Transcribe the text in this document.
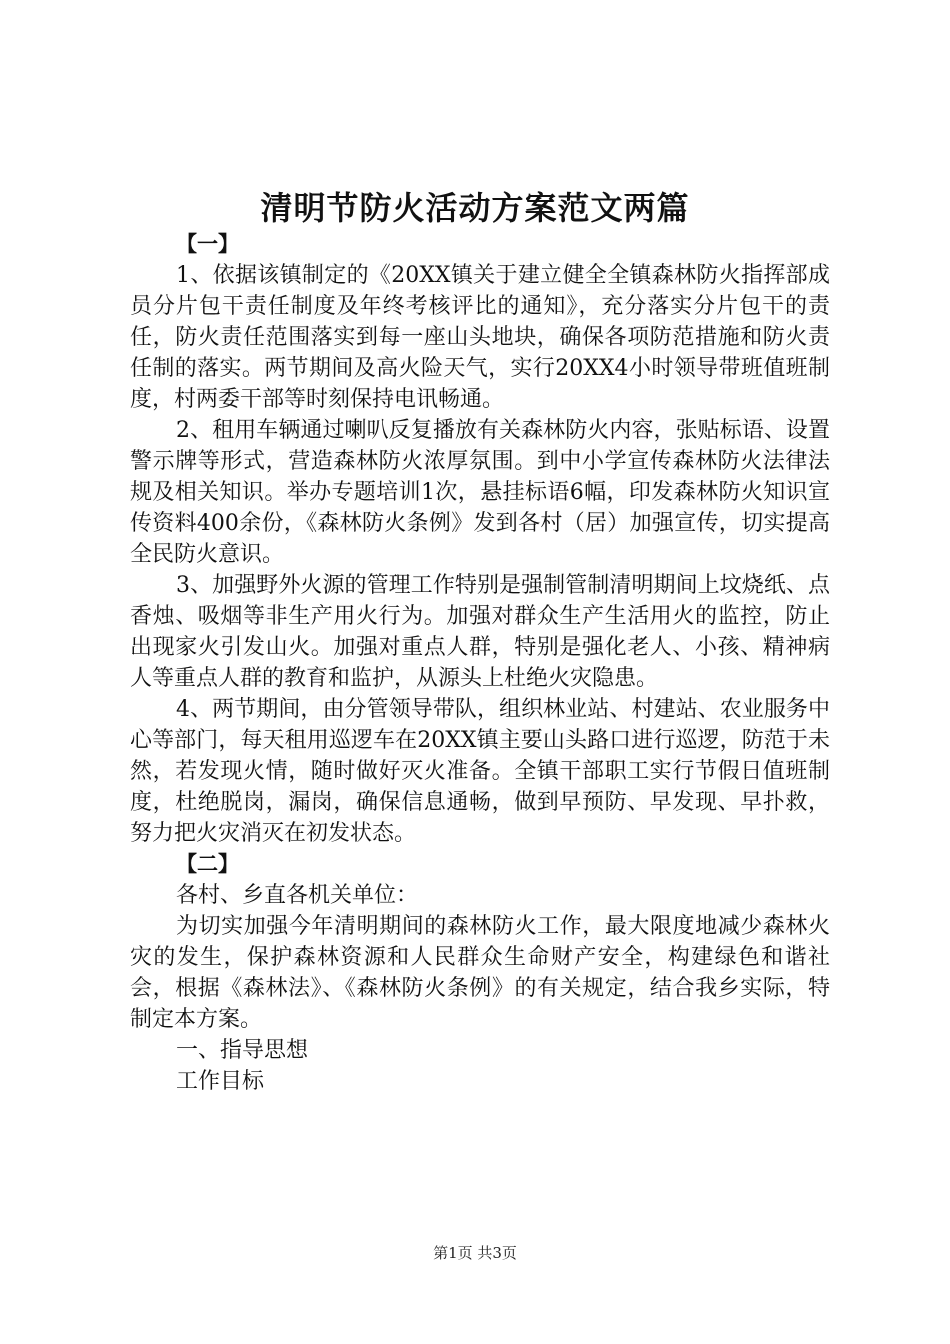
清明节防火活动方案范文两篇

【一】

1、依据该镇制定的《20XX镇关于建立健全全镇森林防火指挥部成员分片包干责任制度及年终考核评比的通知》，充分落实分片包干的责任，防火责任范围落实到每一座山头地块，确保各项防范措施和防火责任制的落实。两节期间及高火险天气，实行20XX4小时领导带班值班制度，村两委干部等时刻保持电讯畅通。

2、租用车辆通过喇叭反复播放有关森林防火内容，张贴标语、设置警示牌等形式，营造森林防火浓厚氛围。到中小学宣传森林防火法律法规及相关知识。举办专题培训1次，悬挂标语6幅，印发森林防火知识宣传资料400余份，《森林防火条例》发到各村（居）加强宣传，切实提高全民防火意识。

3、加强野外火源的管理工作特别是强制管制清明期间上坟烧纸、点香烛、吸烟等非生产用火行为。加强对群众生产生活用火的监控，防止出现家火引发山火。加强对重点人群，特别是强化老人、小孩、精神病人等重点人群的教育和监护，从源头上杜绝火灾隐患。

4、两节期间，由分管领导带队，组织林业站、村建站、农业服务中心等部门，每天租用巡逻车在20XX镇主要山头路口进行巡逻，防范于未然，若发现火情，随时做好灭火准备。全镇干部职工实行节假日值班制度，杜绝脱岗，漏岗，确保信息通畅，做到早预防、早发现、早扑救，努力把火灾消灭在初发状态。

【二】

各村、乡直各机关单位：

为切实加强今年清明期间的森林防火工作，最大限度地减少森林火灾的发生，保护森林资源和人民群众生命财产安全，构建绿色和谐社会，根据《森林法》、《森林防火条例》的有关规定，结合我乡实际，特制定本方案。

一、指导思想

工作目标

第1页 共3页
